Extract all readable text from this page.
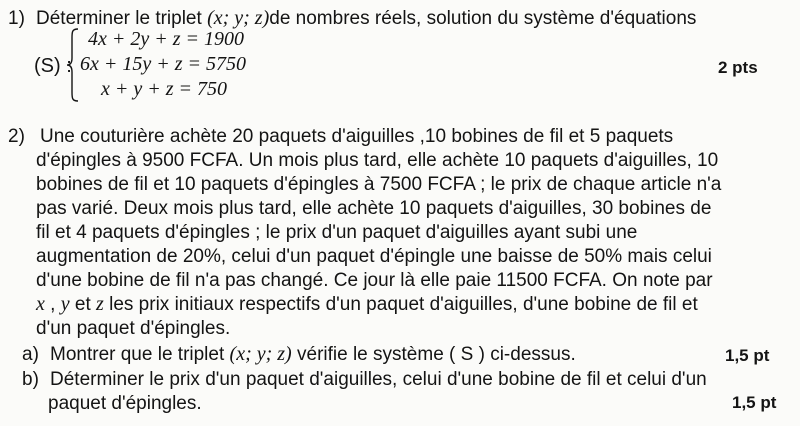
1) Déterminer le triplet (x; y; z)de nombres réels, solution du système d'équations
(S) :
4x + 2y + z = 1900
6x + 15y + z = 5750
x + y + z = 750
2 pts
2) Une couturière achète 20 paquets d'aiguilles ,10 bobines de fil et 5 paquets
d'épingles à 9500 FCFA. Un mois plus tard, elle achète 10 paquets d'aiguilles, 10
bobines de fil et 10 paquets d'épingles à 7500 FCFA ; le prix de chaque article n'a
pas varié. Deux mois plus tard, elle achète 10 paquets d'aiguilles, 30 bobines de
fil et 4 paquets d'épingles ; le prix d'un paquet d'aiguilles ayant subi une
augmentation de 20%, celui d'un paquet d'épingle une baisse de 50% mais celui
d'une bobine de fil n'a pas changé. Ce jour là elle paie 11500 FCFA. On note par
x , y et z les prix initiaux respectifs d'un paquet d'aiguilles, d'une bobine de fil et
d'un paquet d'épingles.
a) Montrer que le triplet (x; y; z) vérifie le système ( S ) ci-dessus.	1,5 pt
b) Déterminer le prix d'un paquet d'aiguilles, celui d'une bobine de fil et celui d'un
paquet d'épingles.	1,5 pt
